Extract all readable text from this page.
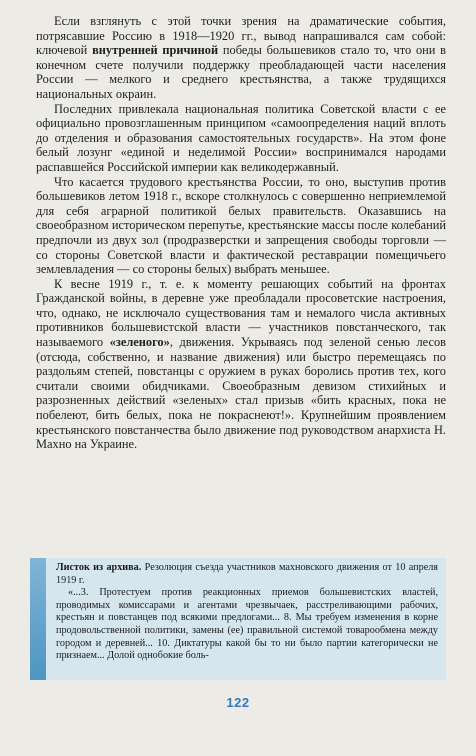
Если взглянуть с этой точки зрения на драматические события, потрясавшие Россию в 1918—1920 гг., вывод напрашивался сам собой: ключевой внутренней причиной победы большевиков стало то, что они в конечном счете получили поддержку преобладающей части населения России — мелкого и среднего крестьянства, а также трудящихся национальных окраин.

Последних привлекала национальная политика Советской власти с ее официально провозглашенным принципом «самоопределения наций вплоть до отделения и образования самостоятельных государств». На этом фоне белый лозунг «единой и неделимой России» воспринимался народами распавшейся Российской империи как великодержавный.

Что касается трудового крестьянства России, то оно, выступив против большевиков летом 1918 г., вскоре столкнулось с совершенно неприемлемой для себя аграрной политикой белых правительств. Оказавшись на своеобразном историческом перепутье, крестьянские массы после колебаний предпочли из двух зол (продразверстки и запрещения свободы торговли — со стороны Советской власти и фактической реставрации помещичьего землевладения — со стороны белых) выбрать меньшее.

К весне 1919 г., т. е. к моменту решающих событий на фронтах Гражданской войны, в деревне уже преобладали просоветские настроения, что, однако, не исключало существования там и немалого числа активных противников большевистской власти — участников повстанческого, так называемого «зеленого», движения. Укрываясь под зеленой сенью лесов (отсюда, собственно, и название движения) или быстро перемещаясь по раздольям степей, повстанцы с оружием в руках боролись против тех, кого считали своими обидчиками. Своеобразным девизом стихийных и разрозненных действий «зеленых» стал призыв «бить красных, пока не побелеют, бить белых, пока не покраснеют!». Крупнейшим проявлением крестьянского повстанчества было движение под руководством анархиста Н. Махно на Украине.

Листок из архива. Резолюция съезда участников махновского движения от 10 апреля 1919 г.

«...3. Протестуем против реакционных приемов большевистских властей, проводимых комиссарами и агентами чрезвычаек, расстреливающими рабочих, крестьян и повстанцев под всякими предлогами... 8. Мы требуем изменения в корне продовольственной политики, замены (ее) правильной системой товарообмена между городом и деревней... 10. Диктатуры какой бы то ни было партии категорически не признаем... Долой однобокие боль-

122
